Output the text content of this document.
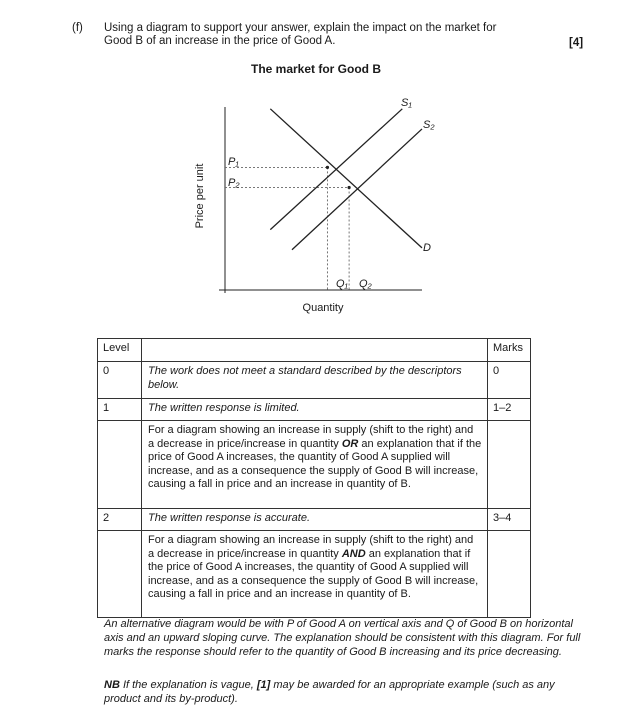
(f) Using a diagram to support your answer, explain the impact on the market for
Good B of an increase in the price of Good A.	[4]
The market for Good B
S₁
S₂
D
P₁
P₂
Q₁ Q₂
Price per unit
Quantity
Level		Marks
0	The work does not meet a standard described by the descriptors below.	0
1	The written response is limited.	1–2
	For a diagram showing an increase in supply (shift to the right) and a decrease in price/increase in quantity OR an explanation that if the price of Good A increases, the quantity of Good A supplied will increase, and as a consequence the supply of Good B will increase, causing a fall in price and an increase in quantity of B.	
2	The written response is accurate.	3–4
	For a diagram showing an increase in supply (shift to the right) and a decrease in price/increase in quantity AND an explanation that if the price of Good A increases, the quantity of Good A supplied will increase, and as a consequence the supply of Good B will increase, causing a fall in price and an increase in quantity of B.	
An alternative diagram would be with P of Good A on vertical axis and Q of Good B on horizontal axis and an upward sloping curve. The explanation should be consistent with this diagram. For full marks the response should refer to the quantity of Good B increasing and its price decreasing.
NB If the explanation is vague, [1] may be awarded for an appropriate example (such as any product and its by-product).
